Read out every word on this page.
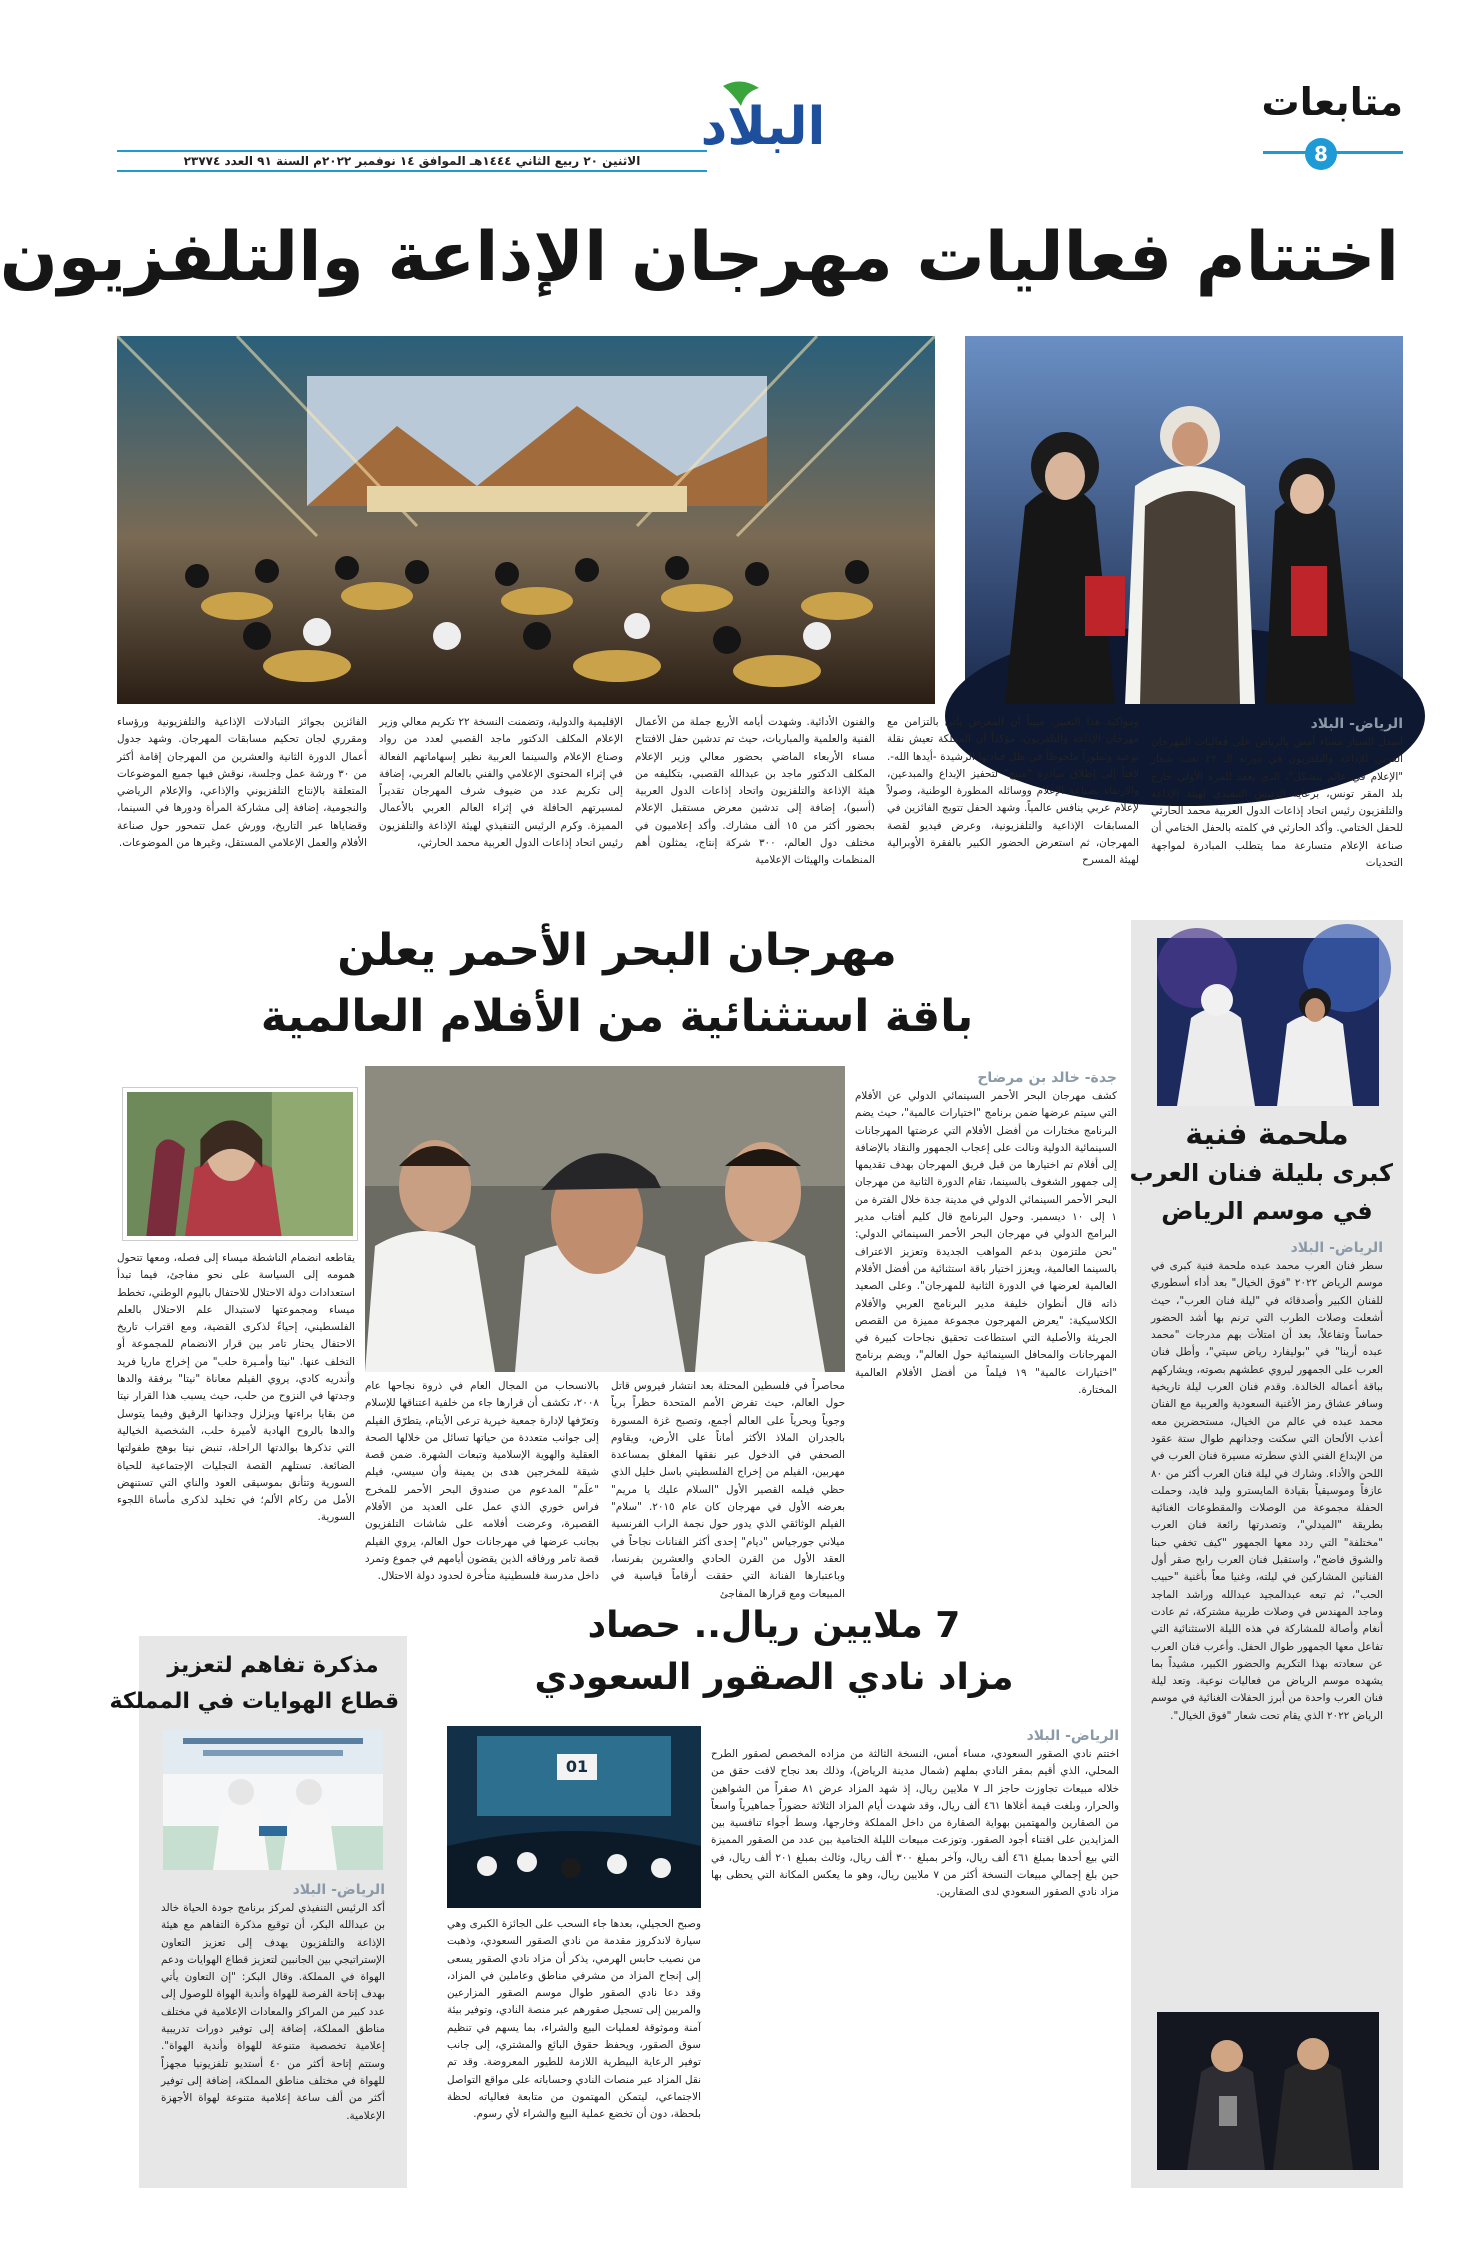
متابعات
8
البلاد
الاثنين ٢٠ ربيع الثاني ١٤٤٤هـ الموافق ١٤ نوفمبر ٢٠٢٢م السنة ٩١ العدد ٢٣٧٧٤
اختتام فعاليات مهرجان الإذاعة والتلفزيون
الرياض- البلاد
أسدل الستار مساء أمس بالرياض على فعاليات المهرجان العربي للإذاعة والتلفزيون في دورته الـ ٢٢ تحت شعار "الإعلام في عالم يتشكل"، الذي يعقد للمرة الأولى خارج بلد المقر تونس، برعاية الرئيس التنفيذي لهيئة الإذاعة والتلفزيون رئيس اتحاد إذاعات الدول العربية محمد الحارثي للحفل الختامي. وأكد الحارثي في كلمته بالحفل الختامي أن صناعة الإعلام متسارعة مما يتطلب المبادرة لمواجهة التحديات
ومواكبة هذا التغيير، مبيناً أن المعرض يأتي بالتزامن مع مهرجان الإذاعة والتلفزيون، مؤكداً أن المملكة تعيش نقلة نوعية وتطوراً ملحوظاً في ظل قيادتها الرشيدة -أيدها الله-. لافتاً إلى إطلاق مبادرة "منتج" لتحفيز الإبداع والمبدعين، والارتقاء بصناعة الإعلام ووسائله المطورة الوطنية، وصولاً لإعلام عربي ينافس عالمياً. وشهد الحفل تتويج الفائزين في المسابقات الإذاعية والتلفزيونية، وعرض فيديو لقصة المهرجان، ثم استعرض الحضور الكبير بالفقرة الأوبرالية لهيئة المسرح
والفنون الأدائية. وشهدت أيامه الأربع جملة من الأعمال الفنية والعلمية والمباريات، حيث تم تدشين حفل الافتتاح مساء الأربعاء الماضي بحضور معالي وزير الإعلام المكلف الدكتور ماجد بن عبدالله القصبي، بتكليفه من هيئة الإذاعة والتلفزيون واتحاد إذاعات الدول العربية (أسبو)، إضافة إلى تدشين معرض مستقبل الإعلام بحضور أكثر من ١٥ ألف مشارك. وأكد إعلاميون في مختلف دول العالم، ٣٠٠ شركة إنتاج، يمثلون أهم المنظمات والهيئات الإعلامية
الإقليمية والدولية، وتضمنت النسخة ٢٢ تكريم معالي وزير الإعلام المكلف الدكتور ماجد القصبي لعدد من رواد وصناع الإعلام والسينما العربية نظير إسهاماتهم الفعالة في إثراء المحتوى الإعلامي والفني بالعالم العربي، إضافة إلى تكريم عدد من ضيوف شرف المهرجان تقديراً لمسيرتهم الحافلة في إثراء العالم العربي بالأعمال المميزة. وكرم الرئيس التنفيذي لهيئة الإذاعة والتلفزيون رئيس اتحاد إذاعات الدول العربية محمد الحارثي،
الفائزين بجوائز التبادلات الإذاعية والتلفزيونية ورؤساء ومقرري لجان تحكيم مسابقات المهرجان. وشهد جدول أعمال الدورة الثانية والعشرين من المهرجان إقامة أكثر من ٣٠ ورشة عمل وجلسة، نوقش فيها جميع الموضوعات المتعلقة بالإنتاج التلفزيوني والإذاعي، والإعلام الرياضي والنجومية، إضافة إلى مشاركة المرأة ودورها في السينما، وقضاياها عبر التاريخ، وورش عمل تتمحور حول صناعة الأفلام والعمل الإعلامي المستقل، وغيرها من الموضوعات.
ملحمة فنية
كبرى بليلة فنان العرب
في موسم الرياض
الرياض- البلاد
سطر فنان العرب محمد عبده ملحمة فنية كبرى في موسم الرياض ٢٠٢٢ "فوق الخيال" بعد أداء أسطوري للفنان الكبير وأصدقائه في "ليلة فنان العرب"، حيث أشعلت وصلات الطرب التي ترنم بها أشد الحضور حماساً وتفاعلاً، بعد أن امتلأت بهم مدرجات "محمد عبده أرينا" في "بوليفارد رياض سيتي"، وأطل فنان العرب على الجمهور ليروي عطشهم بصوته، ويشاركهم بباقة أعماله الخالدة. وقدم فنان العرب ليلة تاريخية وسافر عشاق رمز الأغنية السعودية والعربية مع الفنان محمد عبده في عالم من الخيال، مستحضرين معه أعذب الألحان التي سكنت وجدانهم طوال ستة عقود من الإبداع الفني الذي سطرته مسيرة فنان العرب في اللحن والأداء. وشارك في ليلة فنان العرب أكثر من ٨٠ عازفاً وموسيقياً بقيادة المايسترو وليد فايد، وحملت الحفلة مجموعة من الوصلات والمقطوعات الغنائية بطريقة "الميدلي"، وتصدرتها رائعة فنان العرب "مختلفة" التي ردد معها الجمهور "كيف تخفي حبنا والشوق فاضح"، واستقبل فنان العرب رابح صقر أول الفنانين المشاركين في ليلته، وغنيا معاً بأغنية "حبيب الحب"، ثم تبعه عبدالمجيد عبدالله وراشد الماجد وماجد المهندس في وصلات طربية مشتركة، ثم عادت أنغام وأصالة للمشاركة في هذه الليلة الاستثنائية التي تفاعل معها الجمهور طوال الحفل. وأعرب فنان العرب عن سعادته بهذا التكريم والحضور الكبير، مشيداً بما يشهده موسم الرياض من فعاليات نوعية. وتعد ليلة فنان العرب واحدة من أبرز الحفلات الغنائية في موسم الرياض ٢٠٢٢ الذي يقام تحت شعار "فوق الخيال".
مهرجان البحر الأحمر يعلن
باقة استثنائية من الأفلام العالمية
جدة- خالد بن مرضاح
كشف مهرجان البحر الأحمر السينمائي الدولي عن الأفلام التي سيتم عرضها ضمن برنامج "اختيارات عالمية"، حيث يضم البرنامج مختارات من أفضل الأفلام التي عرضتها المهرجانات السينمائية الدولية ونالت على إعجاب الجمهور والنقاد بالإضافة إلى أفلام تم اختيارها من قبل فريق المهرجان بهدف تقديمها إلى جمهور الشغوف بالسينما، تقام الدورة الثانية من مهرجان البحر الأحمر السينمائي الدولي في مدينة جدة خلال الفترة من ١ إلى ١٠ ديسمبر. وحول البرنامج قال كليم أفتاب مدير البرامج الدولي في مهرجان البحر الأحمر السينمائي الدولي: "نحن ملتزمون بدعم المواهب الجديدة وتعزيز الاعتراف بالسينما العالمية، ويعزز اختيار باقة استثنائية من أفضل الأفلام العالمية لعرضها في الدورة الثانية للمهرجان". وعلى الصعيد ذاته قال أنطوان خليفة مدير البرنامج العربي والأفلام الكلاسيكية: "يعرض المهرجون مجموعة مميزة من القصص الجريئة والأصلية التي استطاعت تحقيق نجاحات كبيرة في المهرجانات والمحافل السينمائية حول العالم"، ويضم برنامج "اختيارات عالمية" ١٩ فيلماً من أفضل الأفلام العالمية المختارة.
محاصراً في فلسطين المحتلة بعد انتشار فيروس قاتل حول العالم، حيث تفرض الأمم المتحدة حظراً برياً وجوياً وبحرياً على العالم أجمع، وتصبح غزة المسورة بالجدران الملاذ الأكثر أماناً على الأرض، ويقاوم الصحفي في الدخول عبر نفقها المغلق بمساعدة مهربين، الفيلم من إخراج الفلسطيني باسل خليل الذي حظي فيلمه القصير الأول "السلام عليك يا مريم" بعرضه الأول في مهرجان كان عام ٢٠١٥. "سلام" الفيلم الوثائقي الذي يدور حول نجمة الراب الفرنسية ميلاني جورجياس "ديام" إحدى أكثر الفنانات نجاحاً في العقد الأول من القرن الحادي والعشرين بفرنسا، وباعتبارها الفنانة التي حققت أرقاماً قياسية في المبيعات ومع قرارها المفاجئ
بالانسحاب من المجال العام في ذروة نجاحها عام ٢٠٠٨، تكشف أن قرارها جاء من خلفية اعتناقها للإسلام وتعرّفها لإدارة جمعية خيرية ترعى الأيتام، يتطرّق الفيلم إلى جوانب متعددة من حياتها تسائل من خلالها الصحة العقلية والهوية الإسلامية وتبعات الشهرة. ضمن قصة شيقة للمخرجين هدى بن يمينة وأن سيسي، فيلم "علَم" المدعوم من صندوق البحر الأحمر للمخرج فراس خوري الذي عمل على العديد من الأفلام القصيرة، وعرضت أفلامه على شاشات التلفزيون بجانب عرضها في مهرجانات حول العالم، يروي الفيلم قصة تامر ورفاقه الذين يقضون أيامهم في جموع وتمرد داخل مدرسة فلسطينية متأخرة لحدود دولة الاحتلال.
يقاطعه انضمام الناشطة ميساء إلى فصله، ومعها تتحول همومه إلى السياسة على نحو مفاجئ، فيما تبدأ استعدادات دولة الاحتلال للاحتفال باليوم الوطني، تخطط ميساء ومجموعتها لاستبدال علم الاحتلال بالعلم الفلسطيني، إحياءً لذكرى القضية، ومع اقتراب تاريخ الاحتفال يحتار تامر بين قرار الانضمام للمجموعة أو التخلف عنها. "نيتا وأمـيرة حلب" من إخراج ماريا فريد وأندريه كادي، يروي الفيلم معاناة "نيتا" برفقة والدها وجدتها في النزوح من حلب، حيث يسبب هذا القرار نيتا من بقايا براءتها ويزلزل وجدانها الرقيق وفيما يتوسل والدها بالروح الهادية لأميرة حلب، الشخصية الخيالية التي تذكرها بوالدتها الراحلة، تنبض نيتا بوهج طفولتها الضائعة. تستلهم القصة التجليات الإجتماعية للحياة السورية وتتأنق بموسيقى العود والناي التي تستنهض الأمل من ركام الألم؛ في تخليد لذكرى مأساة اللجوء السورية.
7 ملايين ريال.. حصاد
مزاد نادي الصقور السعودي
01
الرياض- البلاد
اختتم نادي الصقور السعودي، مساء أمس، النسخة الثالثة من مزاده المخصص لصقور الطرح المحلي، الذي أقيم بمقر النادي بملهم (شمال مدينة الرياض)، وذلك بعد نجاح لافت حقق من خلاله مبيعات تجاوزت حاجز الـ ٧ ملايين ريال، إذ شهد المزاد عرض ٨١ صقراً من الشواهين والحرار، وبلغت قيمة أغلاها ٤٦١ ألف ريال، وقد شهدت أيام المزاد الثلاثة حضوراً جماهيرياً واسعاً من الصقارين والمهتمين بهواية الصقارة من داخل المملكة وخارجها، وسط أجواء تنافسية بين المزايدين على اقتناء أجود الصقور. وتوزعت مبيعات الليلة الختامية بين عدد من الصقور المميزة التي بيع أحدها بمبلغ ٤٦١ ألف ريال، وآخر بمبلغ ٣٠٠ ألف ريال، وثالث بمبلغ ٢٠١ ألف ريال، في حين بلغ إجمالي مبيعات النسخة أكثر من ٧ ملايين ريال، وهو ما يعكس المكانة التي يحظى بها مزاد نادي الصقور السعودي لدى الصقارين.
وصبح الحجيلي، بعدها جاء السحب على الجائزة الكبرى وهي سيارة لاندكروز مقدمة من نادي الصقور السعودي، وذهبت من نصيب حابس الهرمي، يذكر أن مزاد نادي الصقور يسعى إلى إنجاح المزاد من مشرفي مناطق وعاملين في المزاد، وقد دعا نادي الصقور طوال موسم الصقور المزارعين والمربين إلى تسجيل صقورهم عبر منصة النادي، وتوفير بيئة آمنة وموثوقة لعمليات البيع والشراء، بما يسهم في تنظيم سوق الصقور، ويحفظ حقوق البائع والمشتري، إلى جانب توفير الرعاية البيطرية اللازمة للطيور المعروضة. وقد تم نقل المزاد عبر منصات النادي وحساباته على مواقع التواصل الاجتماعي، ليتمكن المهتمون من متابعة فعالياته لحظة بلحظة، دون أن تخضع عملية البيع والشراء لأي رسوم.
مذكرة تفاهم لتعزيز
قطاع الهوايات في المملكة
الرياض- البلاد
أكد الرئيس التنفيذي لمركز برنامج جودة الحياة خالد بن عبدالله البكر، أن توقيع مذكرة التفاهم مع هيئة الإذاعة والتلفزيون يهدف إلى تعزيز التعاون الإستراتيجي بين الجانبين لتعزيز قطاع الهوايات ودعم الهواة في المملكة. وقال البكر: "إن التعاون يأتي بهدف إتاحة الفرصة للهواة وأندية الهواة للوصول إلى عدد كبير من المراكز والمعادات الإعلامية في مختلف مناطق المملكة، إضافة إلى توفير دورات تدريبية إعلامية تخصصية متنوعة للهواة وأندية الهواة". وستتم إتاحة أكثر من ٤٠ أستديو تلفزيونيا مجهزاً للهواة في مختلف مناطق المملكة، إضافة إلى توفير أكثر من ألف ساعة إعلامية متنوعة لهواة الأجهزة الإعلامية.
